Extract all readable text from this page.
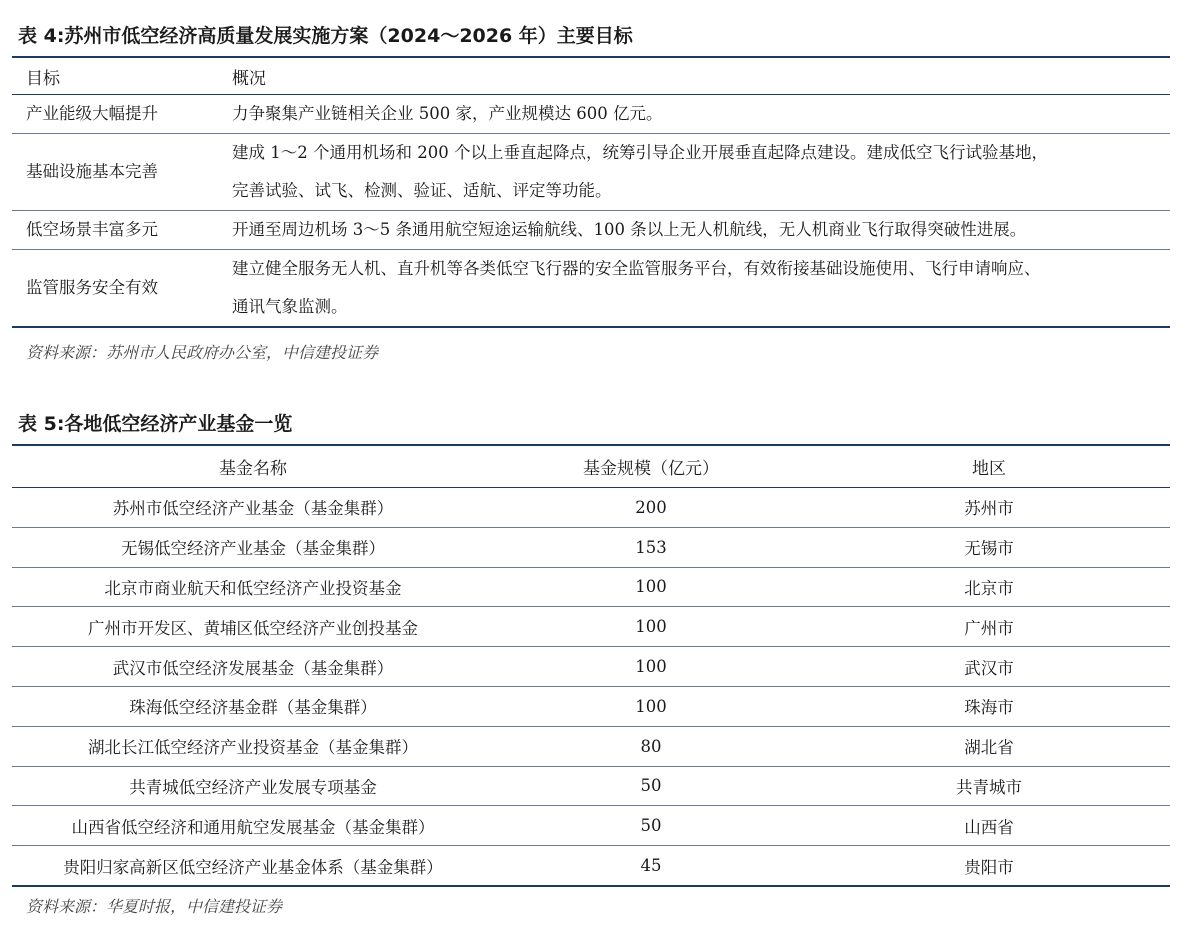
表 4:苏州市低空经济高质量发展实施方案（2024～2026 年）主要目标
目标	概况
产业能级大幅提升	力争聚集产业链相关企业 500 家，产业规模达 600 亿元。

基础设施基本完善	建成 1～2 个通用机场和 200 个以上垂直起降点，统筹引导企业开展垂直起降点建设。建成低空飞行试验基地，
完善试验、试飞、检测、验证、适航、评定等功能。

低空场景丰富多元	开通至周边机场 3～5 条通用航空短途运输航线、100 条以上无人机航线，无人机商业飞行取得突破性进展。

监管服务安全有效	建立健全服务无人机、直升机等各类低空飞行器的安全监管服务平台，有效衔接基础设施使用、飞行申请响应、
通讯气象监测。
资料来源：苏州市人民政府办公室，中信建投证券
表 5:各地低空经济产业基金一览
基金名称	基金规模（亿元）	地区
苏州市低空经济产业基金（基金集群）	200	苏州市
无锡低空经济产业基金（基金集群）	153	无锡市
北京市商业航天和低空经济产业投资基金	100	北京市
广州市开发区、黄埔区低空经济产业创投基金	100	广州市
武汉市低空经济发展基金（基金集群）	100	武汉市
珠海低空经济基金群（基金集群）	100	珠海市
湖北长江低空经济产业投资基金（基金集群）	80	湖北省
共青城低空经济产业发展专项基金	50	共青城市
山西省低空经济和通用航空发展基金（基金集群）	50	山西省
贵阳归家高新区低空经济产业基金体系（基金集群）	45	贵阳市
资料来源：华夏时报，中信建投证券
